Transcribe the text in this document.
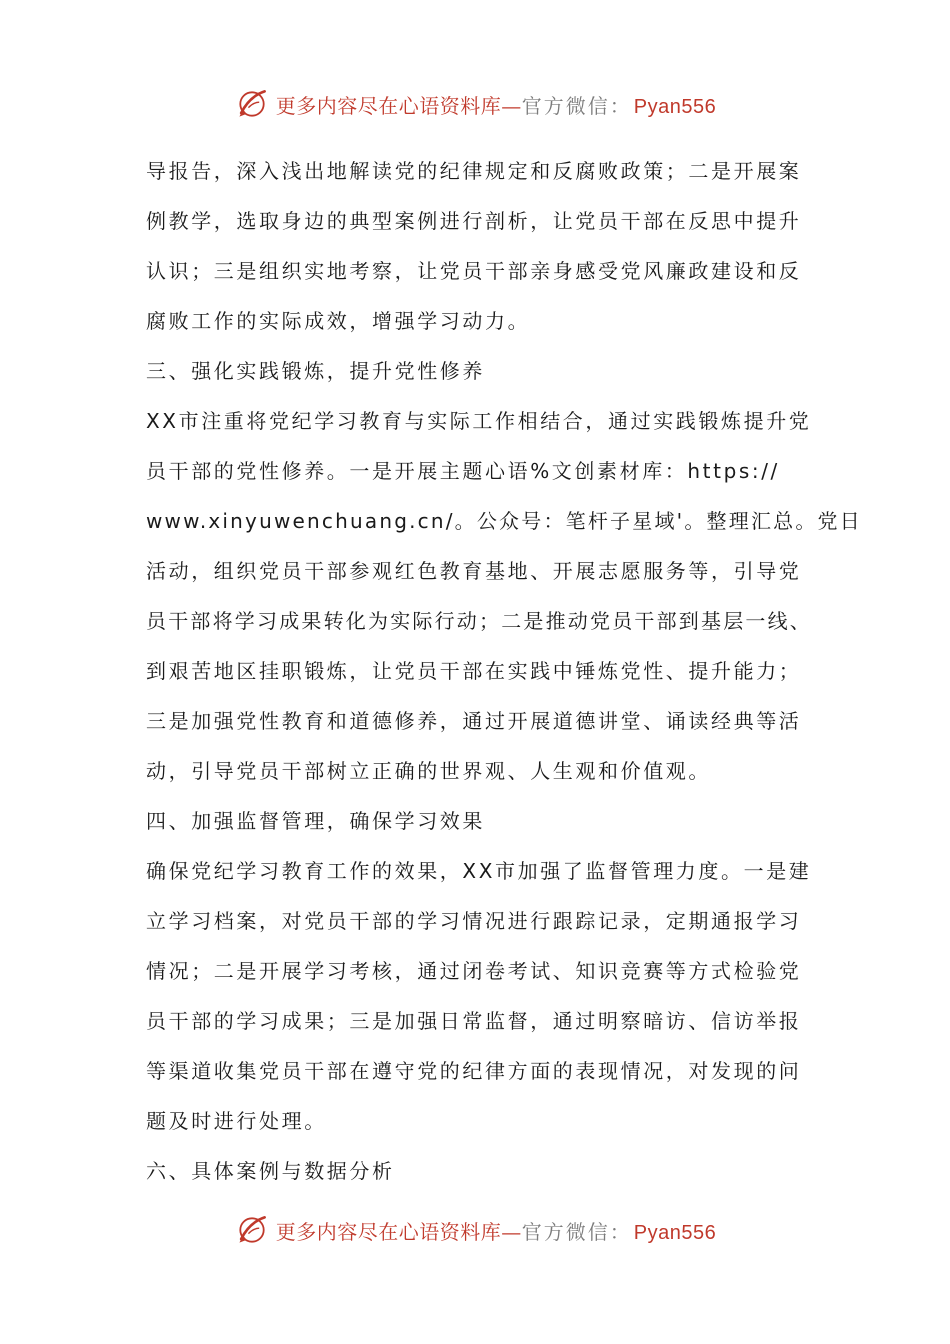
更多内容尽在心语资料库—官方微信： Pyan556
导报告，深入浅出地解读党的纪律规定和反腐败政策；二是开展案
例教学，选取身边的典型案例进行剖析，让党员干部在反思中提升
认识；三是组织实地考察，让党员干部亲身感受党风廉政建设和反
腐败工作的实际成效，增强学习动力。
三、强化实践锻炼，提升党性修养
XX市注重将党纪学习教育与实际工作相结合，通过实践锻炼提升党
员干部的党性修养。一是开展主题心语%文创素材库：https://
www.xinyuwenchuang.cn/。公众号：笔杆子星域'。整理汇总。党日
活动，组织党员干部参观红色教育基地、开展志愿服务等，引导党
员干部将学习成果转化为实际行动；二是推动党员干部到基层一线、
到艰苦地区挂职锻炼，让党员干部在实践中锤炼党性、提升能力；
三是加强党性教育和道德修养，通过开展道德讲堂、诵读经典等活
动，引导党员干部树立正确的世界观、人生观和价值观。
四、加强监督管理，确保学习效果
确保党纪学习教育工作的效果，XX市加强了监督管理力度。一是建
立学习档案，对党员干部的学习情况进行跟踪记录，定期通报学习
情况；二是开展学习考核，通过闭卷考试、知识竞赛等方式检验党
员干部的学习成果；三是加强日常监督，通过明察暗访、信访举报
等渠道收集党员干部在遵守党的纪律方面的表现情况，对发现的问
题及时进行处理。
六、具体案例与数据分析
更多内容尽在心语资料库—官方微信： Pyan556
